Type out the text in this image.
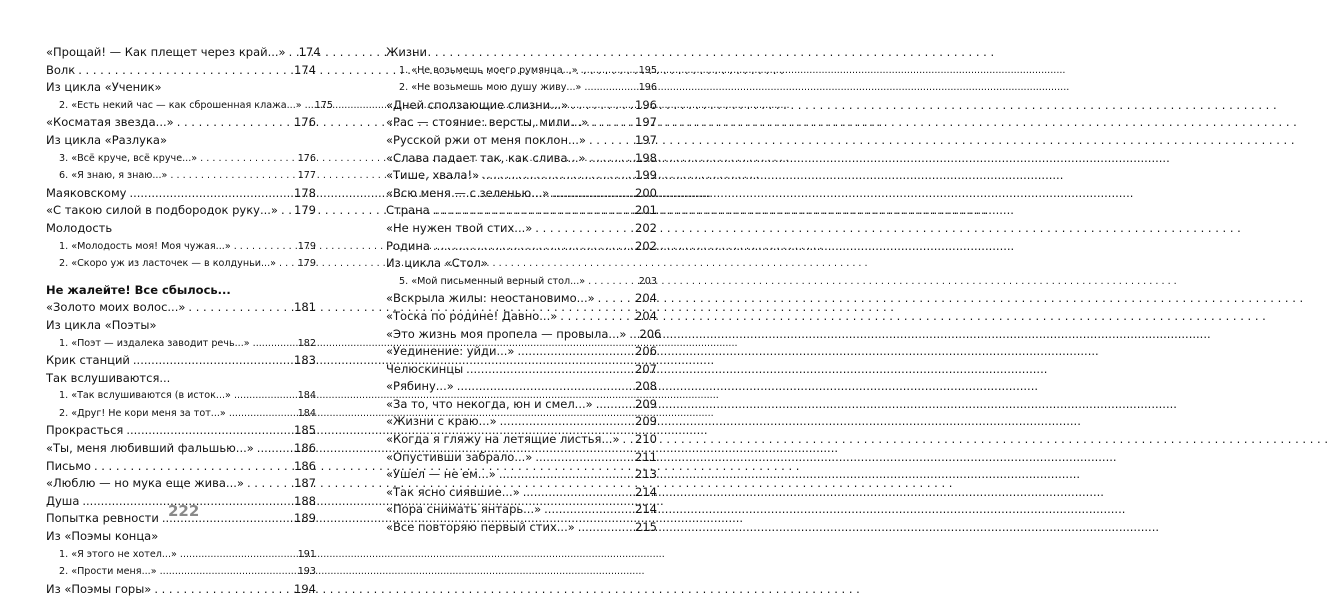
«Прощай! — Как плещет через край...» . . . 174
Волк . . .	174
Из цикла «Ученик»
2. «Есть некий час — как сброшенная клажа...» ..... 175
«Косматая звезда...» . . .	176
Из цикла «Разлука»
3. «Всё круче, всё круче...» . . .	176
6. «Я знаю, я знаю...» . . .	177
Маяковскому .....	178
«С такою силой в подбородок руку...» . . . 179
Молодость
1. «Молодость моя! Моя чужая...» . . .	179
2. «Скоро уж из ласточек — в колдуньи...» . . . 179
Не жалейте! Все сбылось...
«Золото моих волос...» . . .	181
Из цикла «Поэты»
1. «Поэт — издалека заводит речь...» .....	182
Крик станций .....	183
Так вслушиваются...
1. «Так вслушиваются (в исток...» .....	184
2. «Друг! Не кори меня за тот...» .....	184
Прокрасться .....	185
«Ты, меня любивший фальшью...» .....	186
Письмо . . .	186
«Люблю — но мука еще жива...» . . .	187
Душа .....	188
Попытка ревности .....	189
Из «Поэмы конца»
1. «Я этого не хотел...» .....	191
2. «Прости меня...» .....	193
Из «Поэмы горы» . . .	194
Жизни
1. «Не возьмешь моего румянца...» .....	195
2. «Не возьмешь мою душу живу...» .....	196
«Дней сползающие слизни...» . . .	196
«Рас — стояние: версты, мили...» . . .	197
«Русской ржи от меня поклон...» . . .	197
«Слава падает так, как слива...» .....	198
«Тише, хвала!» .....	199
«Всю меня — с зеленью...» .....	200
Страна .....	201
«Не нужен твой стих...» . . .	202
Родина .....	202
Из цикла «Стол»
5. «Мой письменный верный стол...» . . .	203
«Вскрыла жилы: неостановимо...» . . .	204
«Тоска по родине! Давно...» . . .	204
«Это жизнь моя пропела — провыла...» ..... 206
«Уединение: уйди...» .....	206
Челюскинцы .....	207
«Рябину...» .....	208
«За то, что некогда, юн и смел...» .....	209
«Жизни с краю...» .....	209
«Когда я гляжу на летящие листья...» . . . 210
«Опустивши забрало...» .....	211
«Ушел — не ем...» .....	213
«Так ясно сиявшие...» .....	214
«Пора снимать янтарь...» .....	214
«Все повторяю первый стих...» .....	215
222
